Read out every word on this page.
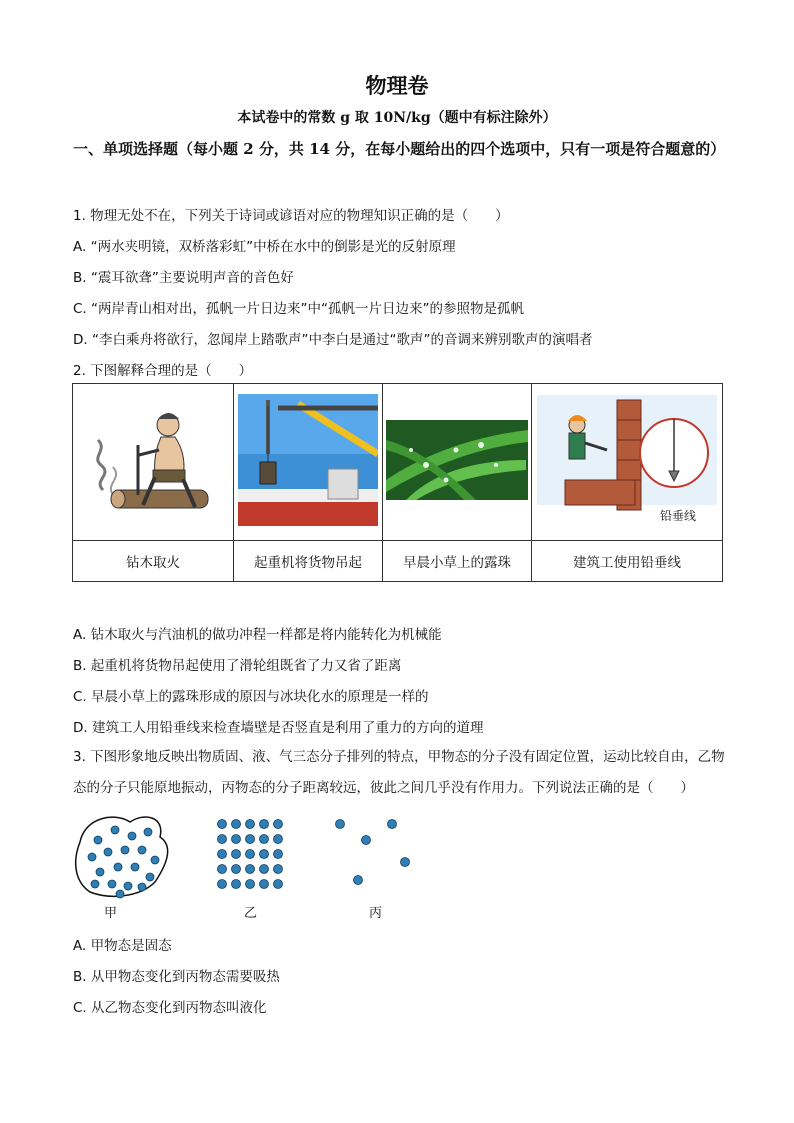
物理卷
本试卷中的常数 g 取 10N/kg（题中有标注除外）
一、单项选择题（每小题 2 分，共 14 分，在每小题给出的四个选项中，只有一项是符合题意的）
1. 物理无处不在，下列关于诗词或谚语对应的物理知识正确的是（　　）
A. “两水夹明镜，双桥落彩虹”中桥在水中的倒影是光的反射原理
B. “震耳欲聋”主要说明声音的音色好
C. “两岸青山相对出，孤帆一片日边来”中“孤帆一片日边来”的参照物是孤帆
D. “李白乘舟将欲行，忽闻岸上踏歌声”中李白是通过“歌声”的音调来辨别歌声的演唱者
2. 下图解释合理的是（　　）

钻木取火	起重机将货物吊起	早晨小草上的露珠	建筑工使用铅垂线
铅垂线
A. 钻木取火与汽油机的做功冲程一样都是将内能转化为机械能
B. 起重机将货物吊起使用了滑轮组既省了力又省了距离
C. 早晨小草上的露珠形成的原因与冰块化水的原理是一样的
D. 建筑工人用铅垂线来检查墙壁是否竖直是利用了重力的方向的道理
3. 下图形象地反映出物质固、液、气三态分子排列的特点，甲物态的分子没有固定位置，运动比较自由，乙物态的分子只能原地振动，丙物态的分子距离较远，彼此之间几乎没有作用力。下列说法正确的是（　　）
甲	乙	丙
A. 甲物态是固态
B. 从甲物态变化到丙物态需要吸热
C. 从乙物态变化到丙物态叫液化
